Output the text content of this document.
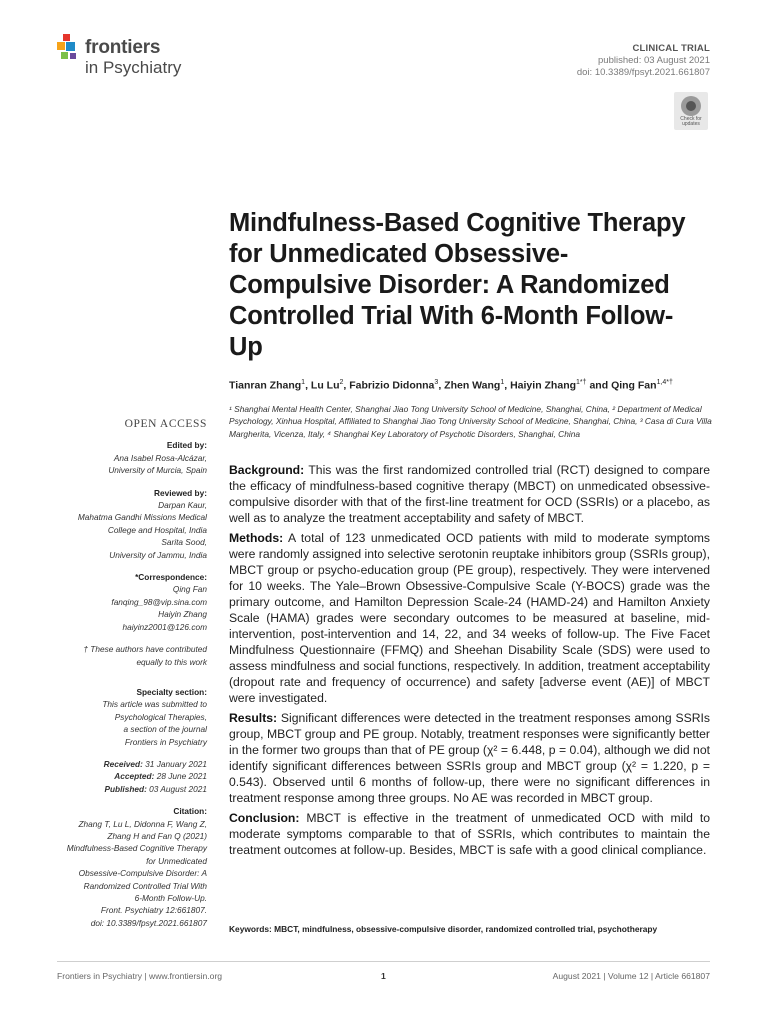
frontiers
in Psychiatry
CLINICAL TRIAL
published: 03 August 2021
doi: 10.3389/fpsyt.2021.661807
Check for
updates
Mindfulness-Based Cognitive Therapy for Unmedicated Obsessive-Compulsive Disorder: A Randomized Controlled Trial With 6-Month Follow-Up
Tianran Zhang$^1$, Lu Lu$^2$, Fabrizio Didonna$^3$, Zhen Wang$^1$, Haiyin Zhang$^{1*\dagger}$ and Qing Fan$^{1,4*\dagger}$
¹ Shanghai Mental Health Center, Shanghai Jiao Tong University School of Medicine, Shanghai, China, ² Department of Medical Psychology, Xinhua Hospital, Affiliated to Shanghai Jiao Tong University School of Medicine, Shanghai, China, ³ Casa di Cura Villa Margherita, Vicenza, Italy, ⁴ Shanghai Key Laboratory of Psychotic Disorders, Shanghai, China
OPEN ACCESS
Edited by:
Ana Isabel Rosa-Alcázar,
University of Murcia, Spain
Reviewed by:
Darpan Kaur,
Mahatma Gandhi Missions Medical
College and Hospital, India
Sarita Sood,
University of Jammu, India
*Correspondence:
Qing Fan
fanqing_98@vip.sina.com
Haiyin Zhang
haiyinz2001@126.com
† These authors have contributed
equally to this work
Specialty section:
This article was submitted to
Psychological Therapies,
a section of the journal
Frontiers in Psychiatry
Received: 31 January 2021
Accepted: 28 June 2021
Published: 03 August 2021
Citation:
Zhang T, Lu L, Didonna F, Wang Z,
Zhang H and Fan Q (2021)
Mindfulness-Based Cognitive Therapy
for Unmedicated
Obsessive-Compulsive Disorder: A
Randomized Controlled Trial With
6-Month Follow-Up.
Front. Psychiatry 12:661807.
doi: 10.3389/fpsyt.2021.661807

Background: This was the first randomized controlled trial (RCT) designed to compare the efficacy of mindfulness-based cognitive therapy (MBCT) on unmedicated obsessive-compulsive disorder with that of the first-line treatment for OCD (SSRIs) or a placebo, as well as to analyze the treatment acceptability and safety of MBCT.

Methods: A total of 123 unmedicated OCD patients with mild to moderate symptoms were randomly assigned into selective serotonin reuptake inhibitors group (SSRIs group), MBCT group or psycho-education group (PE group), respectively. They were intervened for 10 weeks. The Yale–Brown Obsessive-Compulsive Scale (Y-BOCS) grade was the primary outcome, and Hamilton Depression Scale-24 (HAMD-24) and Hamilton Anxiety Scale (HAMA) grades were secondary outcomes to be measured at baseline, mid-intervention, post-intervention and 14, 22, and 34 weeks of follow-up. The Five Facet Mindfulness Questionnaire (FFMQ) and Sheehan Disability Scale (SDS) were used to assess mindfulness and social functions, respectively. In addition, treatment acceptability (dropout rate and frequency of occurrence) and safety [adverse event (AE)] of MBCT were investigated.

Results: Significant differences were detected in the treatment responses among SSRIs group, MBCT group and PE group. Notably, treatment responses were significantly better in the former two groups than that of PE group (χ² = 6.448, p = 0.04), although we did not identify significant differences between SSRIs group and MBCT group (χ² = 1.220, p = 0.543). Observed until 6 months of follow-up, there were no significant differences in treatment response among three groups. No AE was recorded in MBCT group.

Conclusion: MBCT is effective in the treatment of unmedicated OCD with mild to moderate symptoms comparable to that of SSRIs, which contributes to maintain the treatment outcomes at follow-up. Besides, MBCT is safe with a good clinical compliance.

Keywords: MBCT, mindfulness, obsessive-compulsive disorder, randomized controlled trial, psychotherapy
Frontiers in Psychiatry | www.frontiersin.org	1	August 2021 | Volume 12 | Article 661807
